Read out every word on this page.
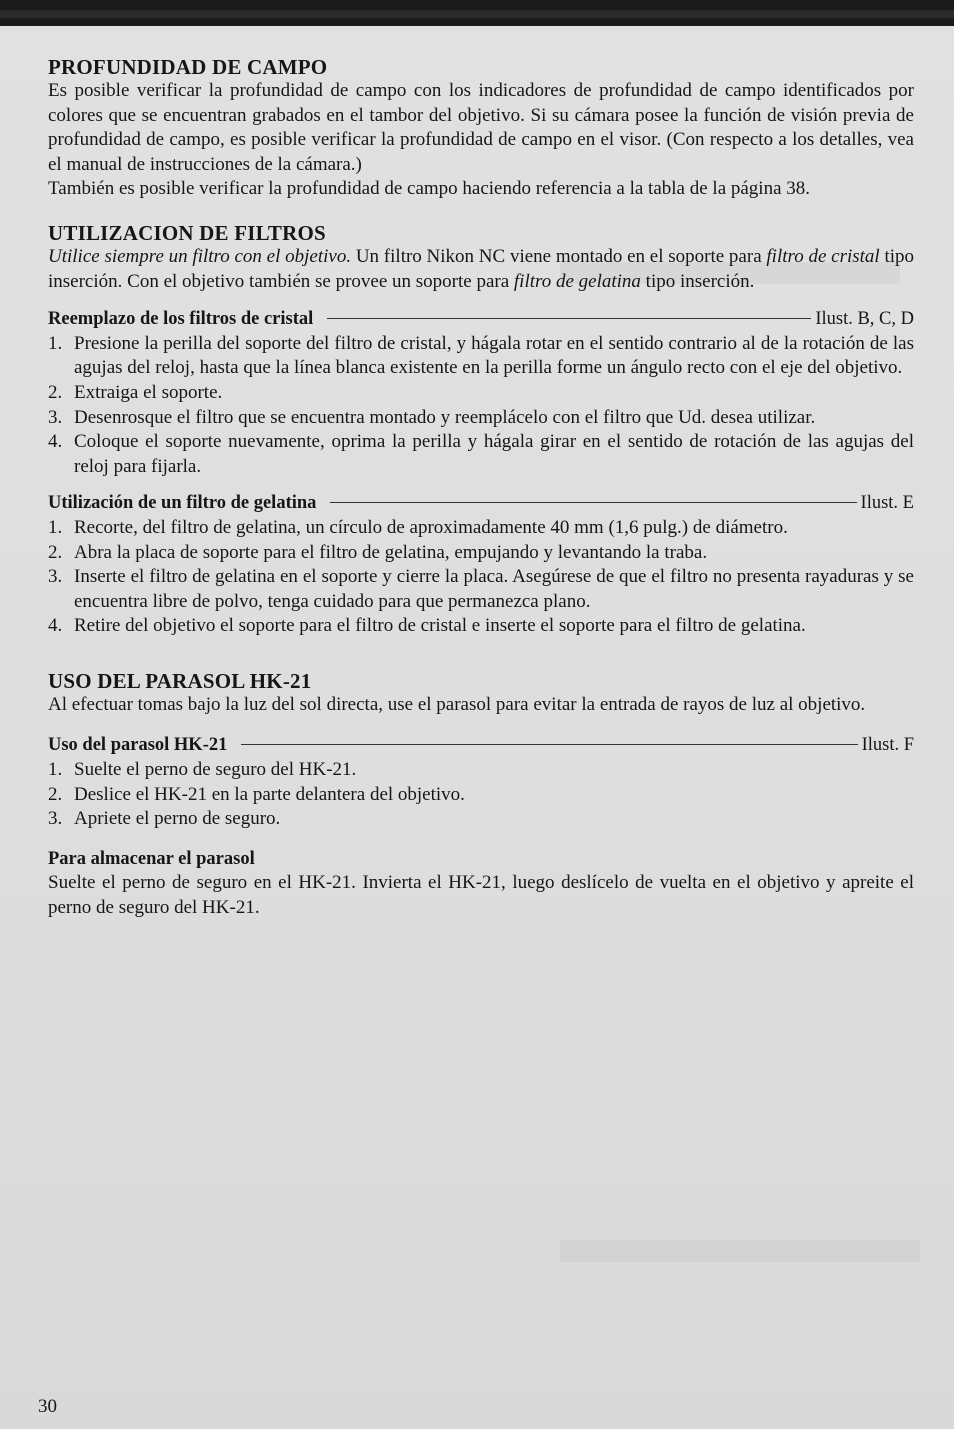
PROFUNDIDAD DE CAMPO

Es posible verificar la profundidad de campo con los indicadores de profundidad de campo identificados por colores que se encuentran grabados en el tambor del objetivo. Si su cámara posee la función de visión previa de profundidad de campo, es posible verificar la profundidad de campo en el visor. (Con respecto a los detalles, vea el manual de instrucciones de la cámara.)

También es posible verificar la profundidad de campo haciendo referencia a la tabla de la página 38.

UTILIZACION DE FILTROS

Utilice siempre un filtro con el objetivo. Un filtro Nikon NC viene montado en el soporte para filtro de cristal tipo inserción. Con el objetivo también se provee un soporte para filtro de gelatina tipo inserción.

Reemplazo de los filtros de cristal	Ilust. B, C, D
1. Presione la perilla del soporte del filtro de cristal, y hágala rotar en el sentido contrario al de la rotación de las agujas del reloj, hasta que la línea blanca existente en la perilla forme un ángulo recto con el eje del objetivo.
2. Extraiga el soporte.
3. Desenrosque el filtro que se encuentra montado y reemplácelo con el filtro que Ud. desea utilizar.
4. Coloque el soporte nuevamente, oprima la perilla y hágala girar en el sentido de rotación de las agujas del reloj para fijarla.
Utilización de un filtro de gelatina	Ilust. E
1. Recorte, del filtro de gelatina, un círculo de aproximadamente 40 mm (1,6 pulg.) de diámetro.
2. Abra la placa de soporte para el filtro de gelatina, empujando y levantando la traba.
3. Inserte el filtro de gelatina en el soporte y cierre la placa. Asegúrese de que el filtro no presenta rayaduras y se encuentra libre de polvo, tenga cuidado para que permanezca plano.
4. Retire del objetivo el soporte para el filtro de cristal e inserte el soporte para el filtro de gelatina.
USO DEL PARASOL HK-21

Al efectuar tomas bajo la luz del sol directa, use el parasol para evitar la entrada de rayos de luz al objetivo.

Uso del parasol HK-21	Ilust. F
1. Suelte el perno de seguro del HK-21.
2. Deslice el HK-21 en la parte delantera del objetivo.
3. Apriete el perno de seguro.
Para almacenar el parasol

Suelte el perno de seguro en el HK-21. Invierta el HK-21, luego deslícelo de vuelta en el objetivo y apreite el perno de seguro del HK-21.

30
